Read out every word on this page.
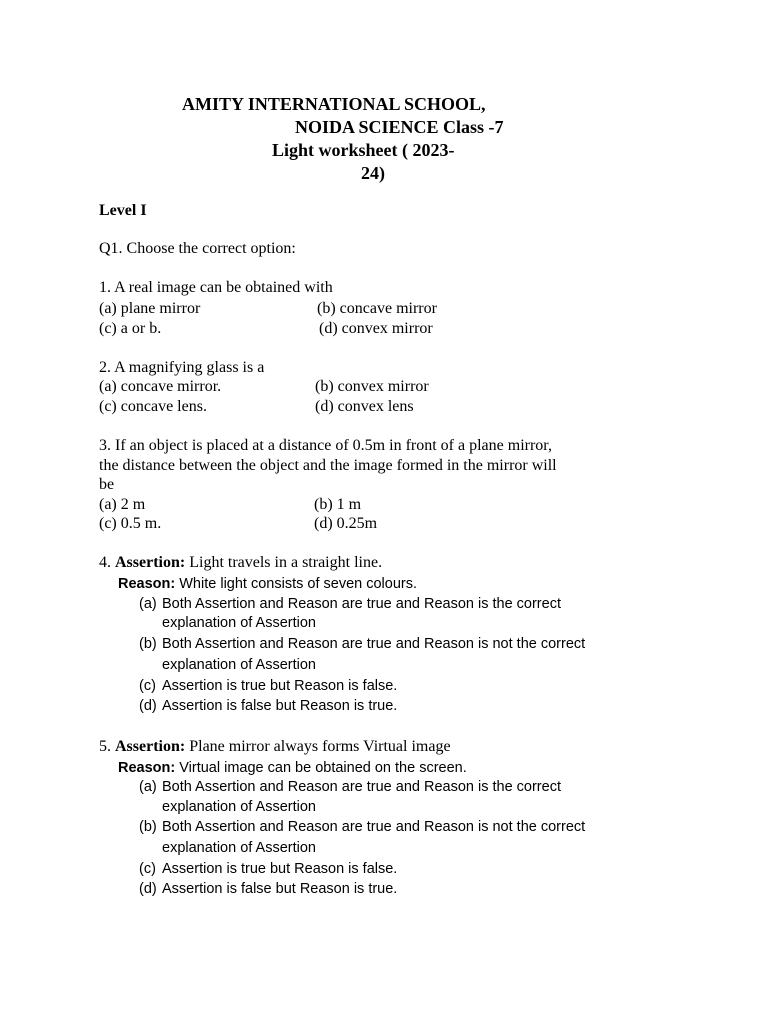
AMITY INTERNATIONAL SCHOOL,
NOIDA SCIENCE Class -7
Light worksheet ( 2023-
24)
Level I
Q1. Choose the correct option:
1. A real image can be obtained with
(a) plane mirror	(b) concave mirror
(c) a or b.	(d) convex mirror
2. A magnifying glass is a
(a) concave mirror.	(b) convex mirror
(c) concave lens.	(d) convex lens
3. If an object is placed at a distance of 0.5m in front of a plane mirror,
the distance between the object and the image formed in the mirror will
be
(a) 2 m	(b) 1 m
(c) 0.5 m.	(d) 0.25m
4. Assertion: Light travels in a straight line.
Reason: White light consists of seven colours.
(a) Both Assertion and Reason are true and Reason is the correct
explanation of Assertion
(b) Both Assertion and Reason are true and Reason is not the correct
explanation of Assertion
(c) Assertion is true but Reason is false.
(d) Assertion is false but Reason is true.
5. Assertion: Plane mirror always forms Virtual image
Reason: Virtual image can be obtained on the screen.
(a) Both Assertion and Reason are true and Reason is the correct
explanation of Assertion
(b) Both Assertion and Reason are true and Reason is not the correct
explanation of Assertion
(c) Assertion is true but Reason is false.
(d) Assertion is false but Reason is true.
